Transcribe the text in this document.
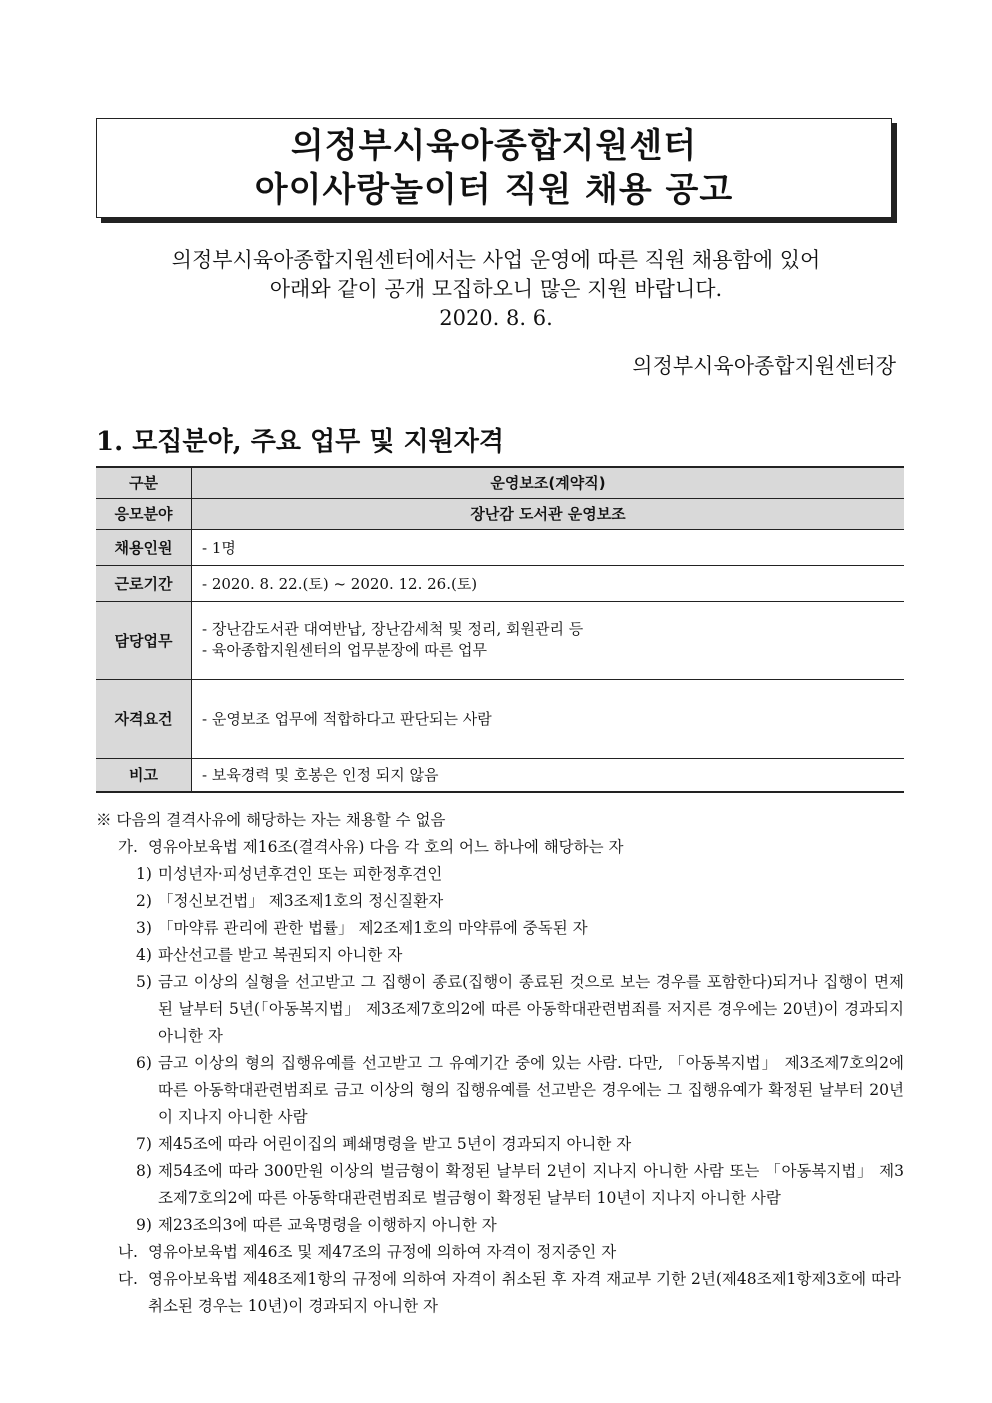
의정부시육아종합지원센터
아이사랑놀이터 직원 채용 공고
의정부시육아종합지원센터에서는 사업 운영에 따른 직원 채용함에 있어
아래와 같이 공개 모집하오니 많은 지원 바랍니다.
2020. 8. 6.
의정부시육아종합지원센터장
1. 모집분야, 주요 업무 및 지원자격
구분	운영보조(계약직)
응모분야	장난감 도서관 운영보조
채용인원	- 1명
근로기간	- 2020. 8. 22.(토) ~ 2020. 12. 26.(토)
담당업무	- 장난감도서관 대여반납, 장난감세척 및 정리, 회원관리 등
- 육아종합지원센터의 업무분장에 따른 업무

자격요건	- 운영보조 업무에 적합하다고 판단되는 사람
비고	- 보육경력 및 호봉은 인정 되지 않음
※ 다음의 결격사유에 해당하는 자는 채용할 수 없음
가. 영유아보육법 제16조(결격사유) 다음 각 호의 어느 하나에 해당하는 자
1) 미성년자·피성년후견인 또는 피한정후견인
2) 「정신보건법」 제3조제1호의 정신질환자
3) 「마약류 관리에 관한 법률」 제2조제1호의 마약류에 중독된 자
4) 파산선고를 받고 복권되지 아니한 자
5) 금고 이상의 실형을 선고받고 그 집행이 종료(집행이 종료된 것으로 보는 경우를 포함한다)되거나 집행이 면제된 날부터 5년(「아동복지법」 제3조제7호의2에 따른 아동학대관련범죄를 저지른 경우에는 20년)이 경과되지 아니한 자
6) 금고 이상의 형의 집행유예를 선고받고 그 유예기간 중에 있는 사람. 다만, 「아동복지법」 제3조제7호의2에 따른 아동학대관련범죄로 금고 이상의 형의 집행유예를 선고받은 경우에는 그 집행유예가 확정된 날부터 20년이 지나지 아니한 사람
7) 제45조에 따라 어린이집의 폐쇄명령을 받고 5년이 경과되지 아니한 자
8) 제54조에 따라 300만원 이상의 벌금형이 확정된 날부터 2년이 지나지 아니한 사람 또는 「아동복지법」 제3조제7호의2에 따른 아동학대관련범죄로 벌금형이 확정된 날부터 10년이 지나지 아니한 사람
9) 제23조의3에 따른 교육명령을 이행하지 아니한 자
나. 영유아보육법 제46조 및 제47조의 규정에 의하여 자격이 정지중인 자
다. 영유아보육법 제48조제1항의 규정에 의하여 자격이 취소된 후 자격 재교부 기한 2년(제48조제1항제3호에 따라 취소된 경우는 10년)이 경과되지 아니한 자
